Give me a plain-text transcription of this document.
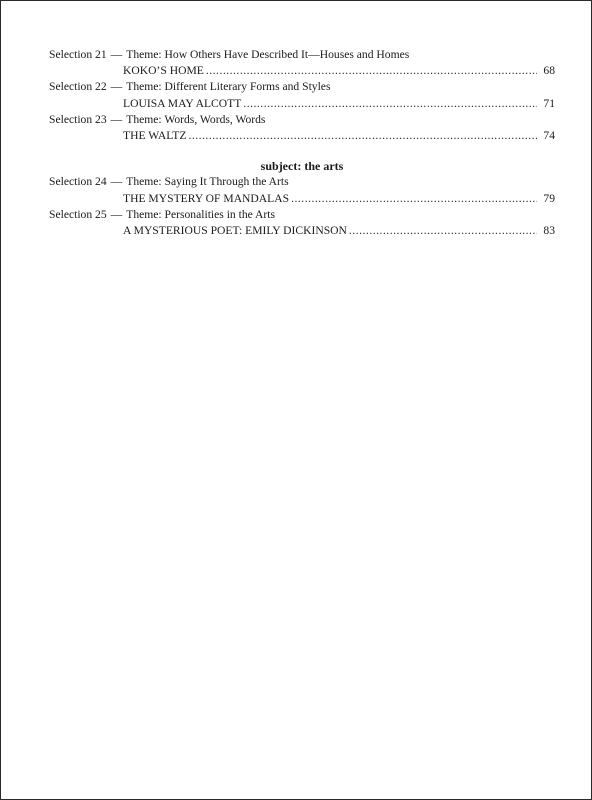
Selection 21 — Theme: How Others Have Described It—Houses and Homes
KOKO’S HOME .....	68
Selection 22 — Theme: Different Literary Forms and Styles
LOUISA MAY ALCOTT .....	71
Selection 23 — Theme: Words, Words, Words
THE WALTZ .....	74
subject: the arts
Selection 24 — Theme: Saying It Through the Arts
THE MYSTERY OF MANDALAS .....	79
Selection 25 — Theme: Personalities in the Arts
A MYSTERIOUS POET: EMILY DICKINSON .....	83
